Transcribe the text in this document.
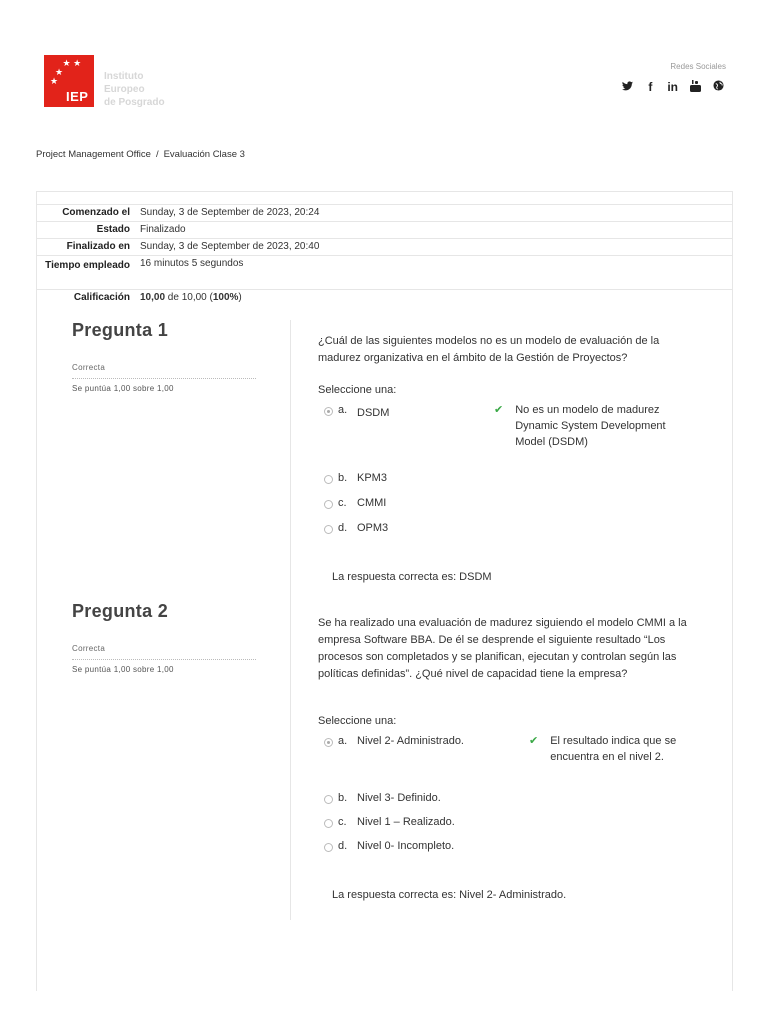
★ ★
★
★
IEP
Instituto
Europeo
de Posgrado
Redes Sociales
f in
Project Management Office / Evaluación Clase 3
Comenzado el	Sunday, 3 de September de 2023, 20:24
Estado	Finalizado
Finalizado en	Sunday, 3 de September de 2023, 20:40
Tiempo empleado	16 minutos 5 segundos
Calificación	10,00 de 10,00 (100%)
Pregunta 1
Correcta
Se puntúa 1,00 sobre 1,00
¿Cuál de las siguientes modelos no es un modelo de evaluación de la madurez organizativa en el ámbito de la Gestión de Proyectos?
Seleccione una:
a. DSDM	✔ No es un modelo de madurez Dynamic System Development Model (DSDM)
b. KPM3
c. CMMI
d. OPM3
La respuesta correcta es: DSDM
Pregunta 2
Correcta
Se puntúa 1,00 sobre 1,00
Se ha realizado una evaluación de madurez siguiendo el modelo CMMI a la empresa Software BBA. De él se desprende el siguiente resultado “Los procesos son completados y se planifican, ejecutan y controlan según las políticas definidas”. ¿Qué nivel de capacidad tiene la empresa?
Seleccione una:
a. Nivel 2- Administrado.	✔ El resultado indica que se encuentra en el nivel 2.
b. Nivel 3- Definido.
c. Nivel 1 – Realizado.
d. Nivel 0- Incompleto.
La respuesta correcta es: Nivel 2- Administrado.
